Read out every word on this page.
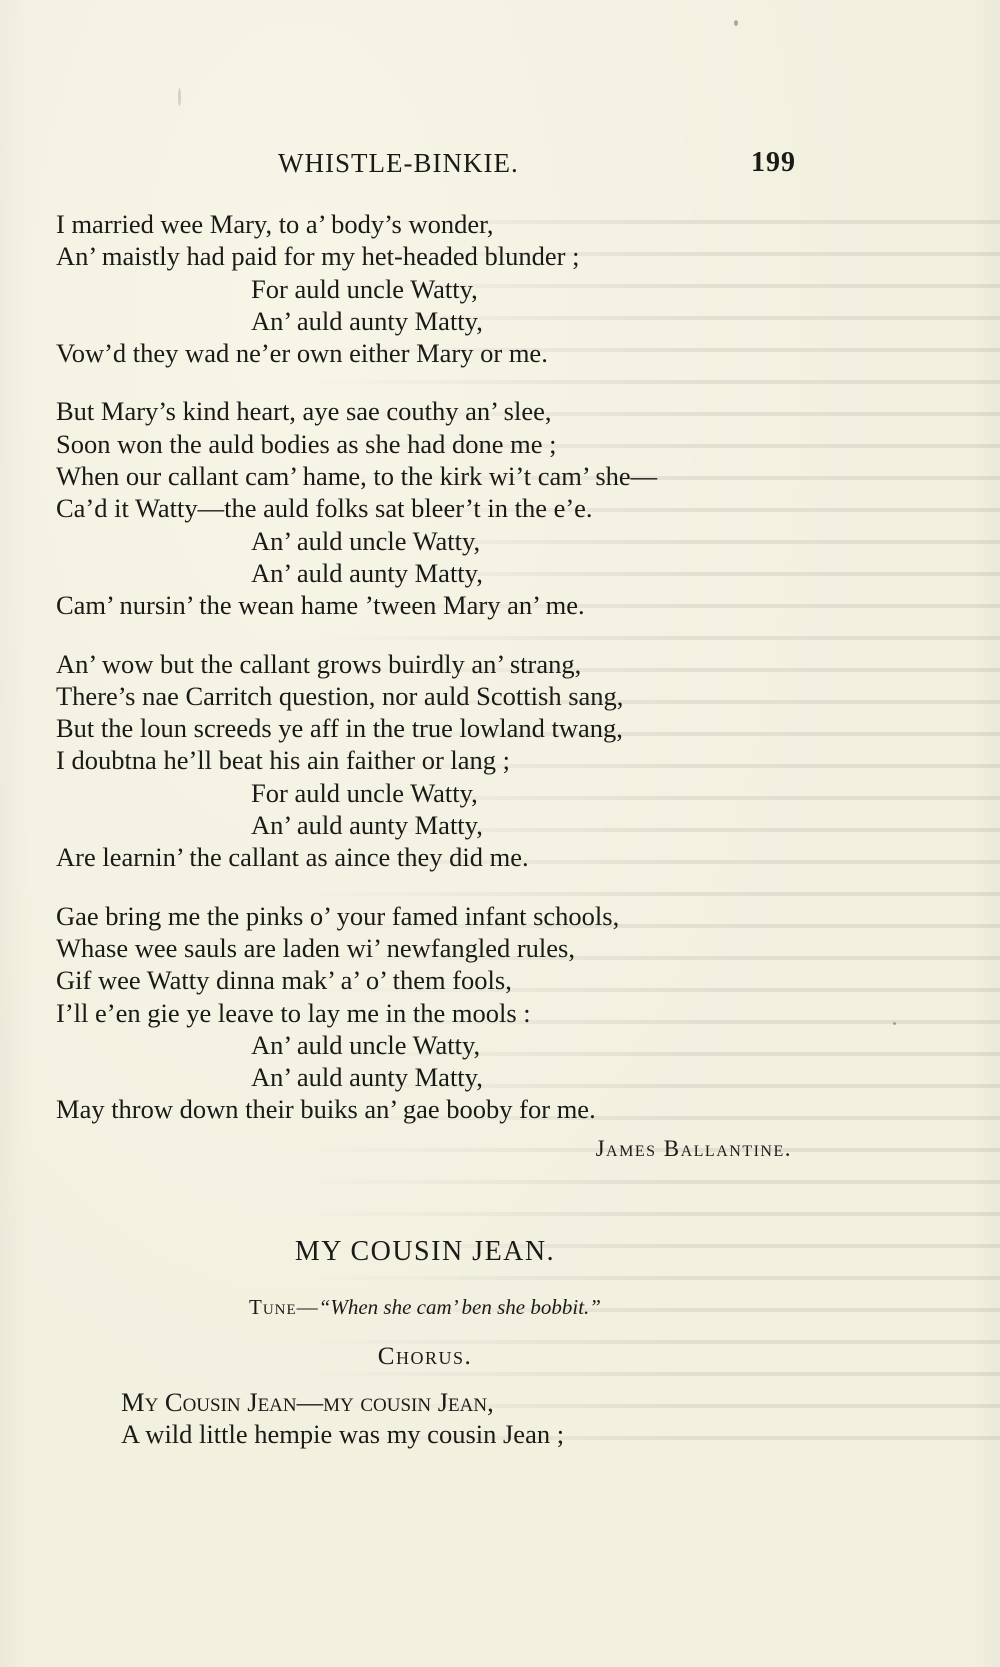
WHISTLE-BINKIE.	199
I married wee Mary, to a’ body’s wonder,
An’ maistly had paid for my het-headed blunder ;
For auld uncle Watty,
An’ auld aunty Matty,
Vow’d they wad ne’er own either Mary or me.
But Mary’s kind heart, aye sae couthy an’ slee,
Soon won the auld bodies as she had done me ;
When our callant cam’ hame, to the kirk wi’t cam’ she—
Ca’d it Watty—the auld folks sat bleer’t in the e’e.
An’ auld uncle Watty,
An’ auld aunty Matty,
Cam’ nursin’ the wean hame ’tween Mary an’ me.
An’ wow but the callant grows buirdly an’ strang,
There’s nae Carritch question, nor auld Scottish sang,
But the loun screeds ye aff in the true lowland twang,
I doubtna he’ll beat his ain faither or lang ;
For auld uncle Watty,
An’ auld aunty Matty,
Are learnin’ the callant as aince they did me.
Gae bring me the pinks o’ your famed infant schools,
Whase wee sauls are laden wi’ newfangled rules,
Gif wee Watty dinna mak’ a’ o’ them fools,
I’ll e’en gie ye leave to lay me in the mools :
An’ auld uncle Watty,
An’ auld aunty Matty,
May throw down their buiks an’ gae booby for me.
James Ballantine.
MY COUSIN JEAN.
Tune—“When she cam’ ben she bobbit.”
Chorus.
My Cousin Jean—my cousin Jean,
A wild little hempie was my cousin Jean ;
